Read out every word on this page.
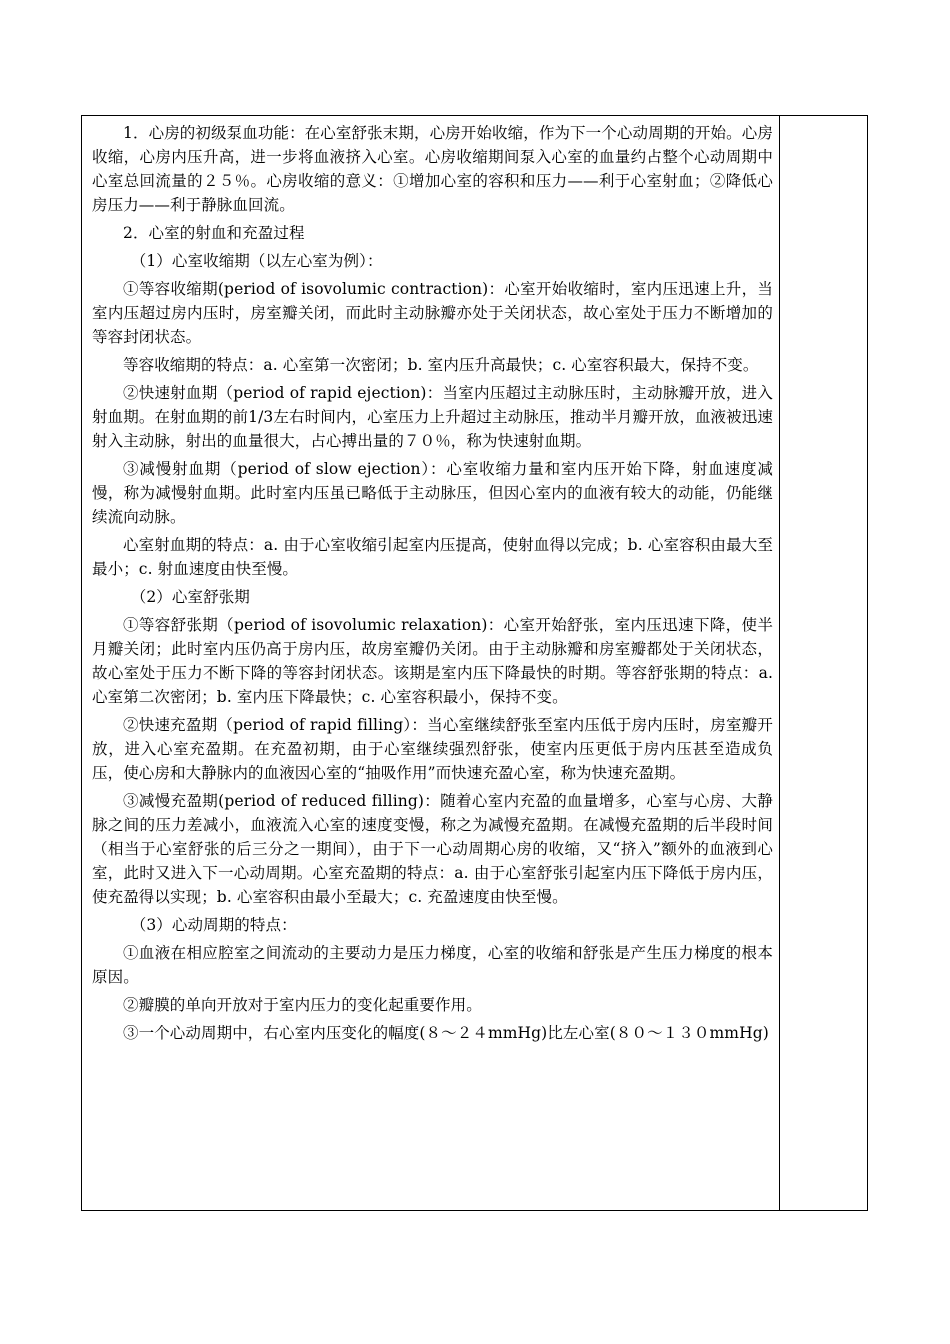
1．心房的初级泵血功能：在心室舒张末期，心房开始收缩，作为下一个心动周期的开始。心房收缩，心房内压升高，进一步将血液挤入心室。心房收缩期间泵入心室的血量约占整个心动周期中心室总回流量的２５％。心房收缩的意义：①增加心室的容积和压力——利于心室射血；②降低心房压力——利于静脉血回流。

2．心室的射血和充盈过程

（1）心室收缩期（以左心室为例）：

①等容收缩期(period of isovolumic contraction)：心室开始收缩时，室内压迅速上升，当室内压超过房内压时，房室瓣关闭，而此时主动脉瓣亦处于关闭状态，故心室处于压力不断增加的等容封闭状态。

等容收缩期的特点：a. 心室第一次密闭；b. 室内压升高最快；c. 心室容积最大，保持不变。

②快速射血期（period of rapid ejection)：当室内压超过主动脉压时，主动脉瓣开放，进入射血期。在射血期的前1/3左右时间内，心室压力上升超过主动脉压，推动半月瓣开放，血液被迅速射入主动脉，射出的血量很大，占心搏出量的７０％，称为快速射血期。

③减慢射血期（period of slow ejection）：心室收缩力量和室内压开始下降，射血速度减慢，称为减慢射血期。此时室内压虽已略低于主动脉压，但因心室内的血液有较大的动能，仍能继续流向动脉。

心室射血期的特点：a. 由于心室收缩引起室内压提高，使射血得以完成；b. 心室容积由最大至最小；c. 射血速度由快至慢。

（2）心室舒张期

①等容舒张期（period of isovolumic relaxation)：心室开始舒张，室内压迅速下降，使半月瓣关闭；此时室内压仍高于房内压，故房室瓣仍关闭。由于主动脉瓣和房室瓣都处于关闭状态，故心室处于压力不断下降的等容封闭状态。该期是室内压下降最快的时期。等容舒张期的特点：a. 心室第二次密闭；b. 室内压下降最快；c. 心室容积最小，保持不变。

②快速充盈期（period of rapid filling）：当心室继续舒张至室内压低于房内压时，房室瓣开放，进入心室充盈期。在充盈初期，由于心室继续强烈舒张，使室内压更低于房内压甚至造成负压，使心房和大静脉内的血液因心室的“抽吸作用”而快速充盈心室，称为快速充盈期。

③减慢充盈期(period of reduced filling)：随着心室内充盈的血量增多，心室与心房、大静脉之间的压力差减小，血液流入心室的速度变慢，称之为减慢充盈期。在减慢充盈期的后半段时间（相当于心室舒张的后三分之一期间），由于下一心动周期心房的收缩，又“挤入”额外的血液到心室，此时又进入下一心动周期。心室充盈期的特点：a. 由于心室舒张引起室内压下降低于房内压，使充盈得以实现；b. 心室容积由最小至最大；c. 充盈速度由快至慢。

（3）心动周期的特点：

①血液在相应腔室之间流动的主要动力是压力梯度，心室的收缩和舒张是产生压力梯度的根本原因。

②瓣膜的单向开放对于室内压力的变化起重要作用。

③一个心动周期中，右心室内压变化的幅度(８～２４mmHg)比左心室(８０～１３０mmHg)
